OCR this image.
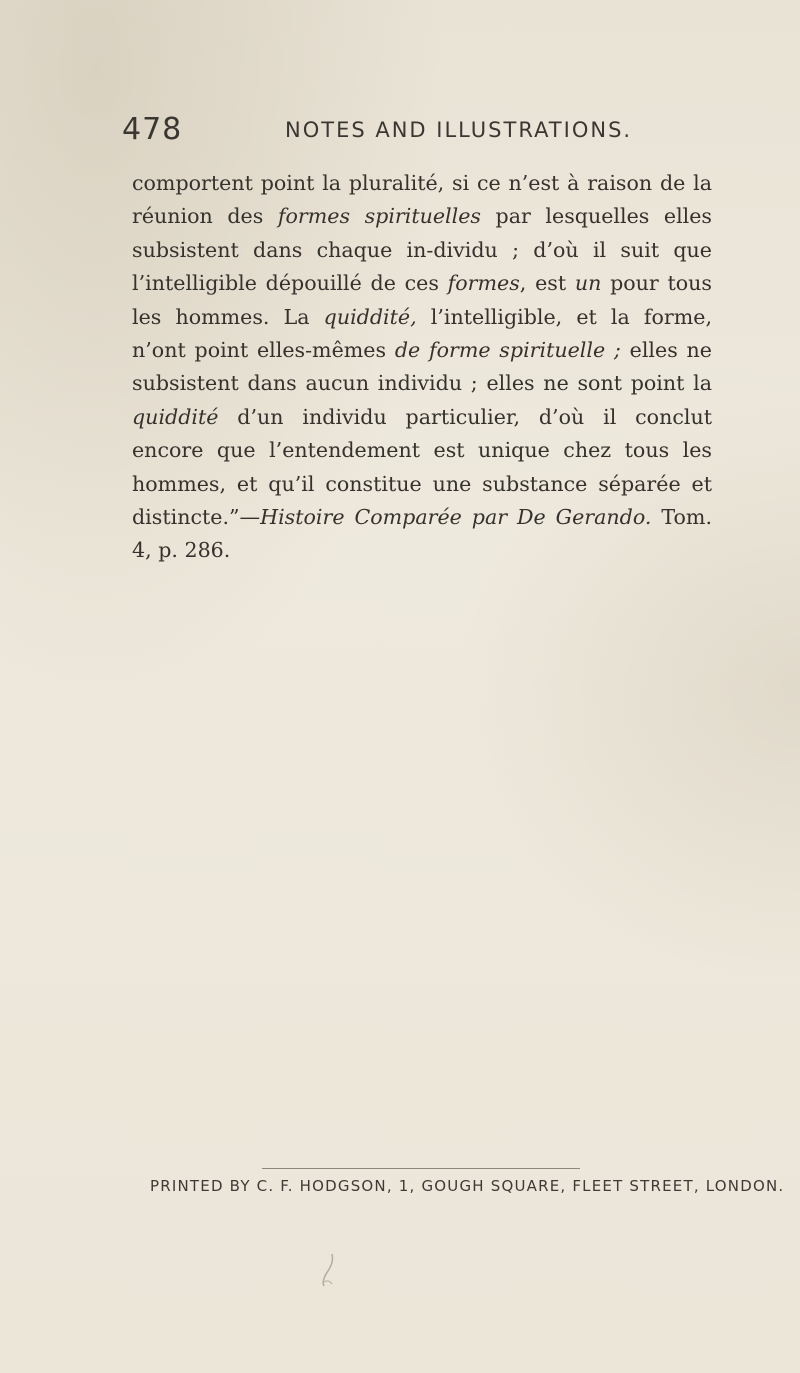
478	NOTES AND ILLUSTRATIONS.
comportent point la pluralité, si ce n’est à raison de la réunion des formes spirituelles par lesquelles elles subsistent dans chaque in-dividu ; d’où il suit que l’intelligible dépouillé de ces formes, est un pour tous les hommes. La quiddité, l’intelligible, et la forme, n’ont point elles-mêmes de forme spirituelle ; elles ne subsistent dans aucun individu ; elles ne sont point la quiddité d’un individu particulier, d’où il conclut encore que l’entendement est unique chez tous les hommes, et qu’il constitue une substance séparée et distincte.”—Histoire Comparée par De Gerando. Tom. 4, p. 286.
PRINTED BY C. F. HODGSON, 1, GOUGH SQUARE, FLEET STREET, LONDON.
